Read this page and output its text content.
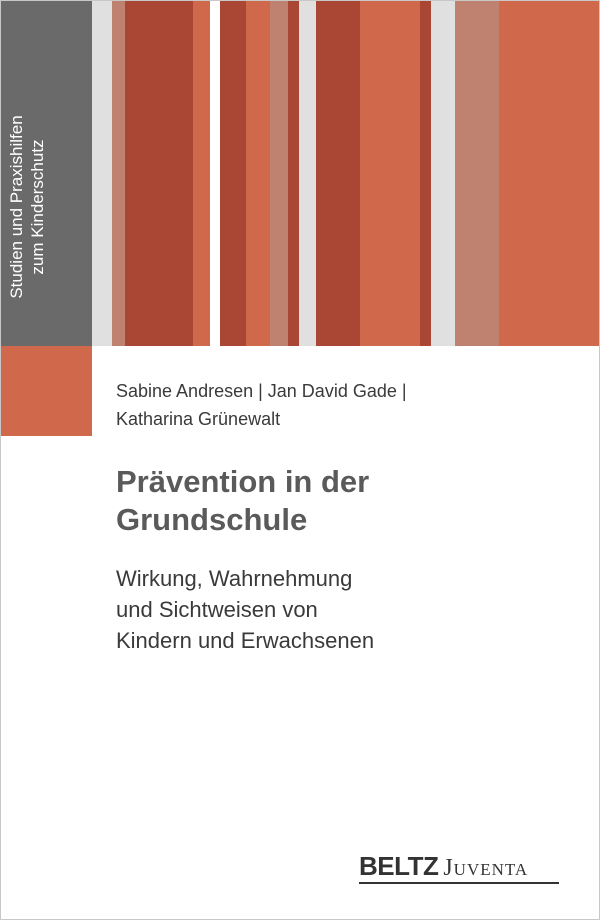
Studien und Praxishilfen zum Kinderschutz
Sabine Andresen | Jan David Gade |
Katharina Grünewalt
Prävention in der
Grundschule
Wirkung, Wahrnehmung
und Sichtweisen von
Kindern und Erwachsenen
BELTZ Juventa
